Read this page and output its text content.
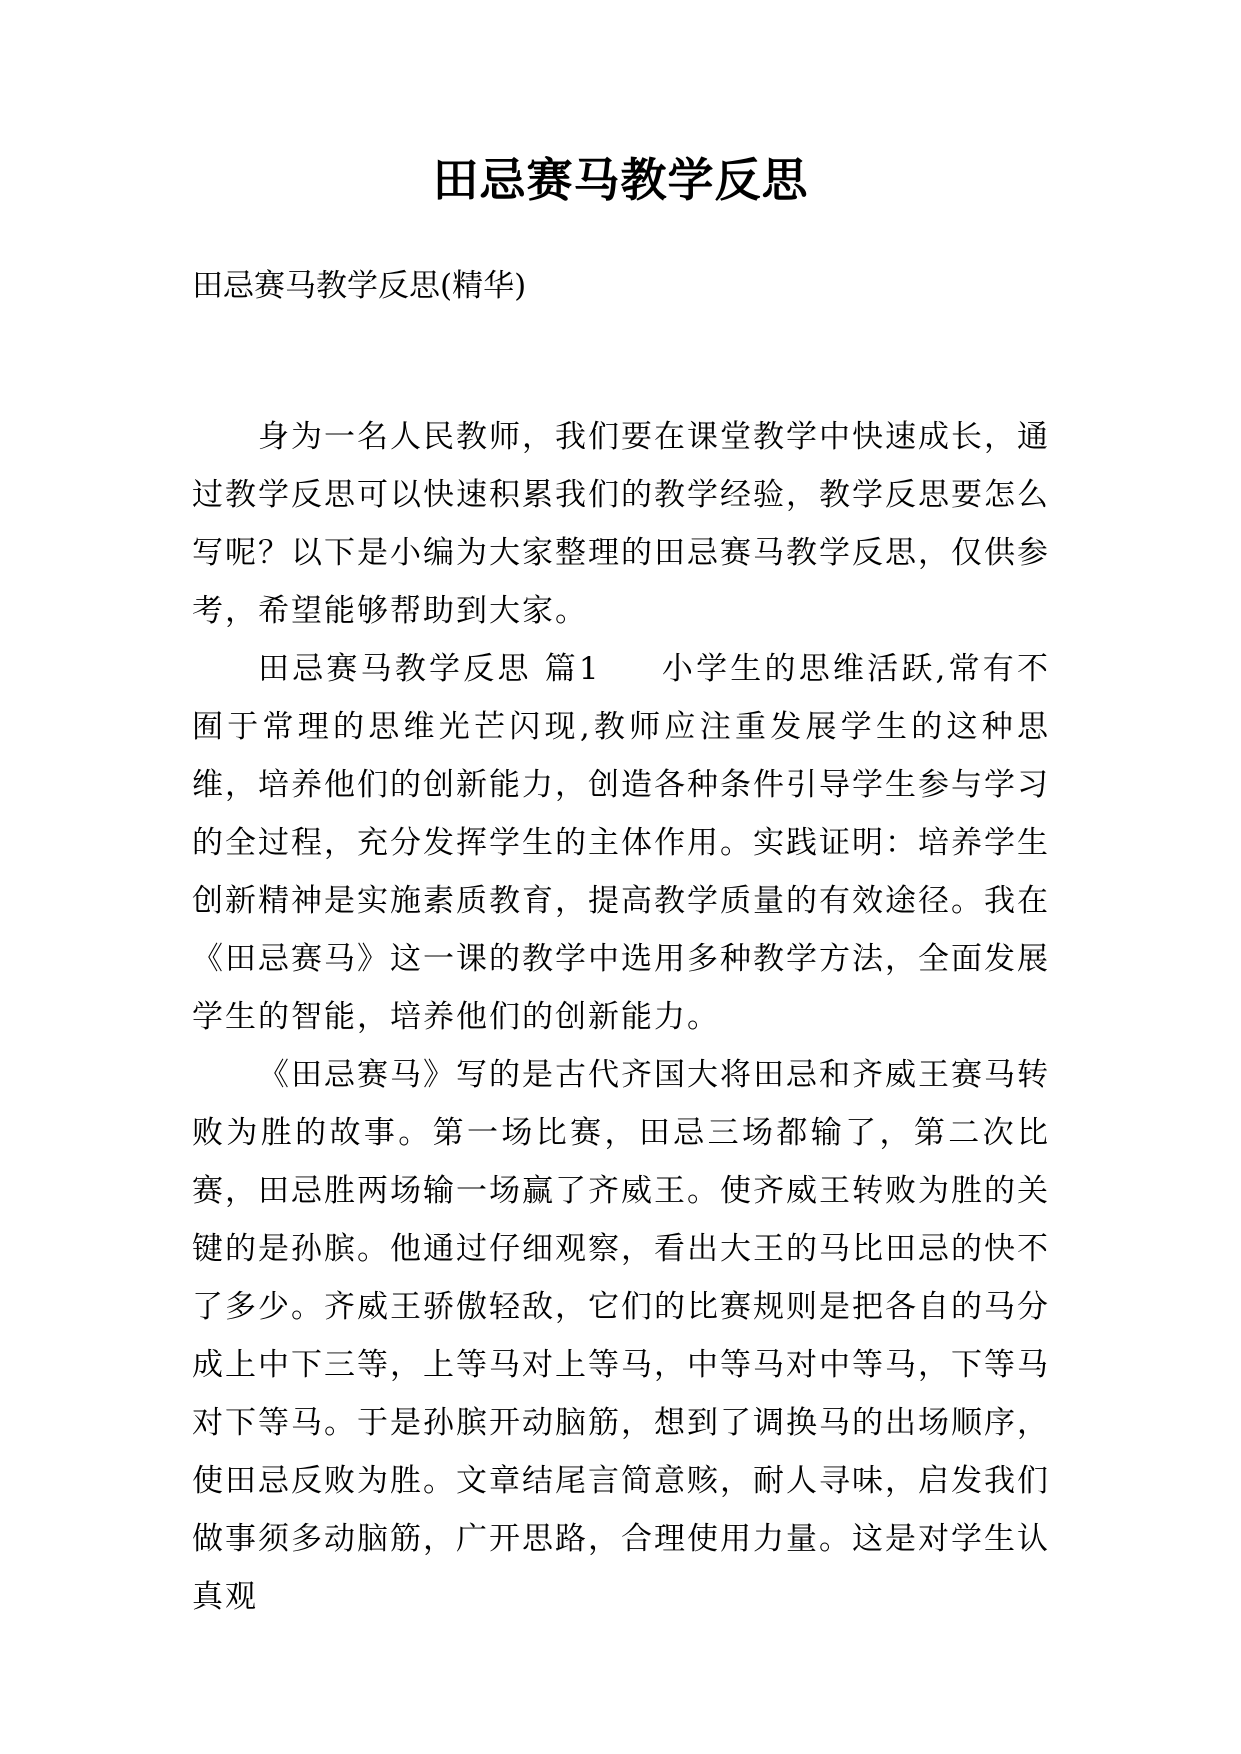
田忌赛马教学反思
田忌赛马教学反思(精华)

身为一名人民教师，我们要在课堂教学中快速成长，通过教学反思可以快速积累我们的教学经验，教学反思要怎么写呢？以下是小编为大家整理的田忌赛马教学反思，仅供参考，希望能够帮助到大家。

田忌赛马教学反思 篇1 小学生的思维活跃,常有不囿于常理的思维光芒闪现,教师应注重发展学生的这种思维，培养他们的创新能力，创造各种条件引导学生参与学习的全过程，充分发挥学生的主体作用。实践证明：培养学生创新精神是实施素质教育，提高教学质量的有效途径。我在《田忌赛马》这一课的教学中选用多种教学方法，全面发展学生的智能，培养他们的创新能力。

《田忌赛马》写的是古代齐国大将田忌和齐威王赛马转败为胜的故事。第一场比赛，田忌三场都输了，第二次比赛，田忌胜两场输一场赢了齐威王。使齐威王转败为胜的关键的是孙膑。他通过仔细观察，看出大王的马比田忌的快不了多少。齐威王骄傲轻敌，它们的比赛规则是把各自的马分成上中下三等，上等马对上等马，中等马对中等马，下等马对下等马。于是孙膑开动脑筋，想到了调换马的出场顺序，使田忌反败为胜。文章结尾言简意赅，耐人寻味，启发我们做事须多动脑筋，广开思路，合理使用力量。这是对学生认真观
